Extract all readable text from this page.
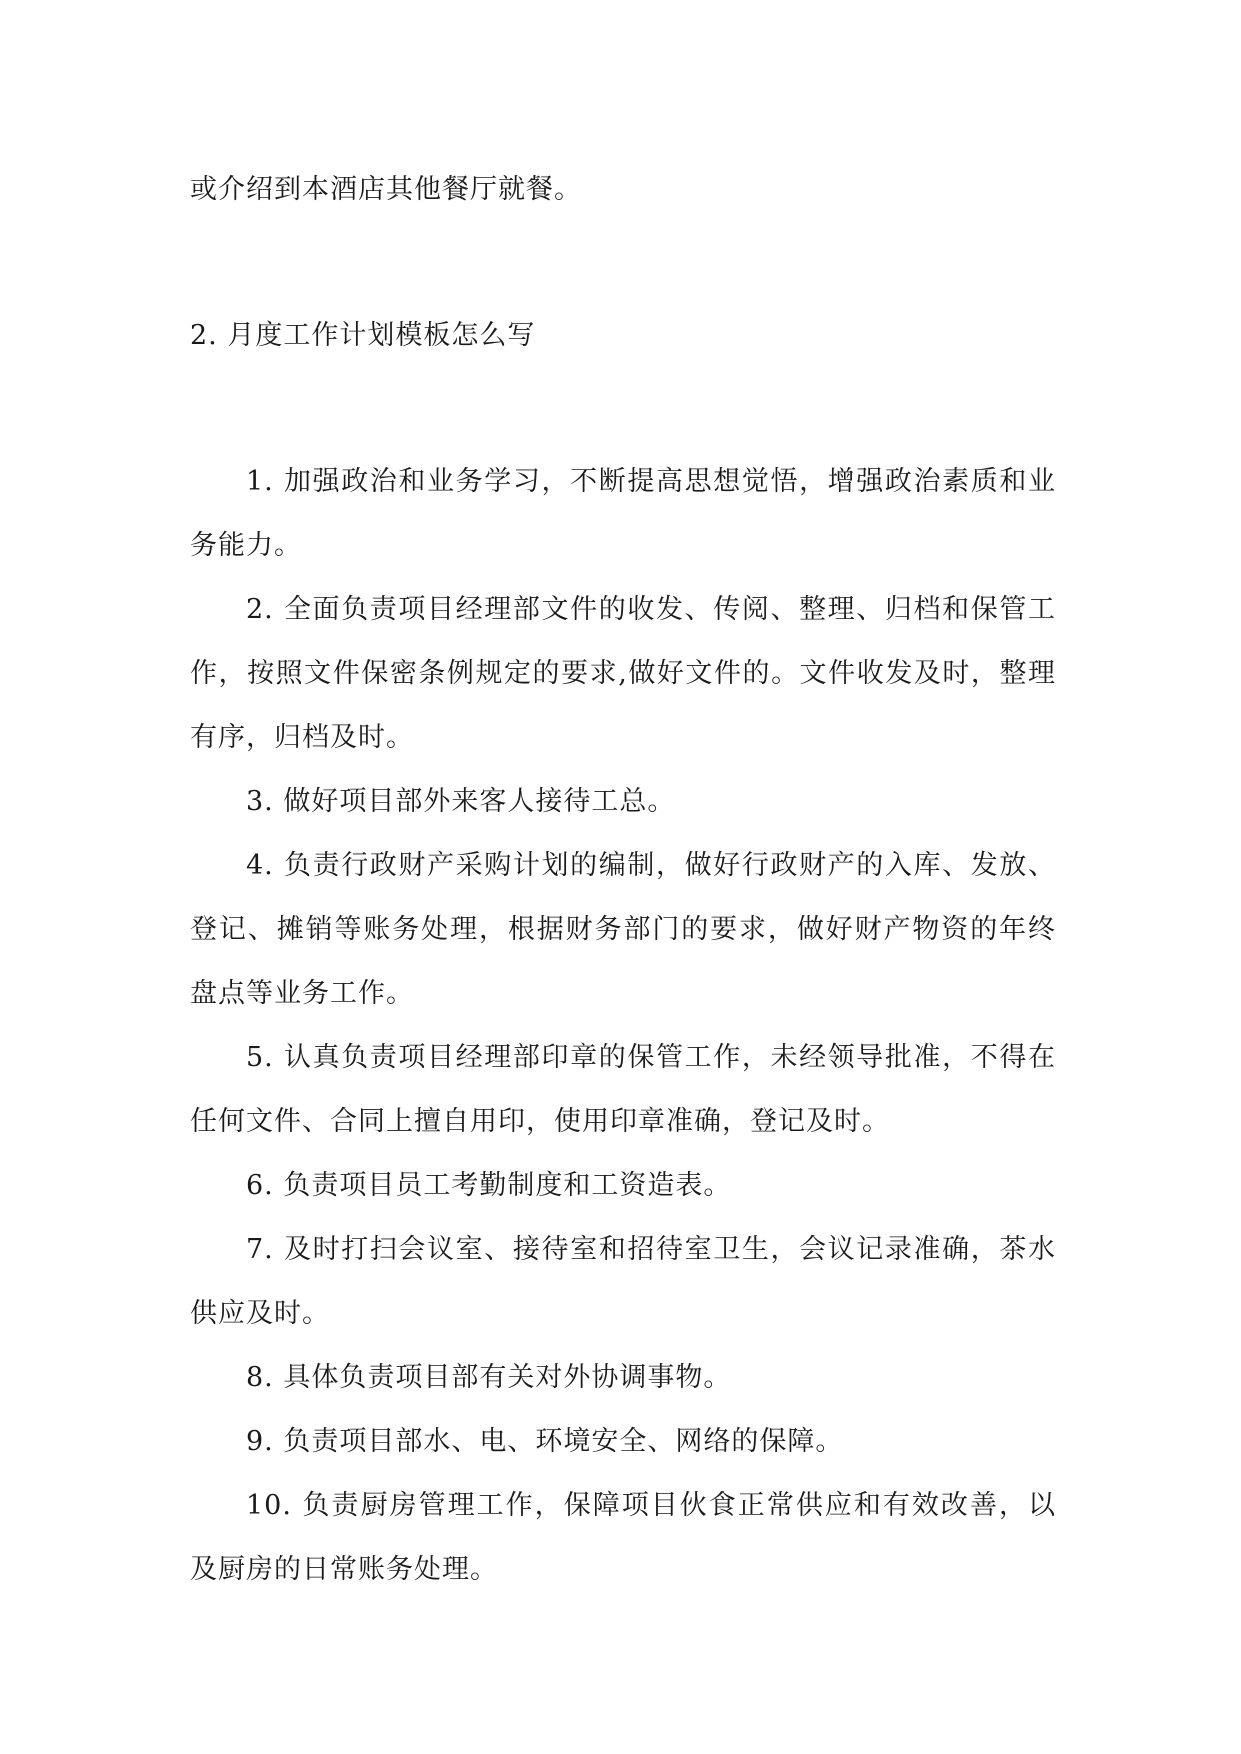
或介绍到本酒店其他餐厅就餐。

2. 月度工作计划模板怎么写

1. 加强政治和业务学习，不断提高思想觉悟，增强政治素质和业务能力。

2. 全面负责项目经理部文件的收发、传阅、整理、归档和保管工作，按照文件保密条例规定的要求,做好文件的。文件收发及时，整理有序，归档及时。

3. 做好项目部外来客人接待工总。

4. 负责行政财产采购计划的编制，做好行政财产的入库、发放、登记、摊销等账务处理，根据财务部门的要求，做好财产物资的年终盘点等业务工作。

5. 认真负责项目经理部印章的保管工作，未经领导批准，不得在任何文件、合同上擅自用印，使用印章准确，登记及时。

6. 负责项目员工考勤制度和工资造表。

7. 及时打扫会议室、接待室和招待室卫生，会议记录准确，茶水供应及时。

8. 具体负责项目部有关对外协调事物。

9. 负责项目部水、电、环境安全、网络的保障。

10. 负责厨房管理工作，保障项目伙食正常供应和有效改善，以及厨房的日常账务处理。
